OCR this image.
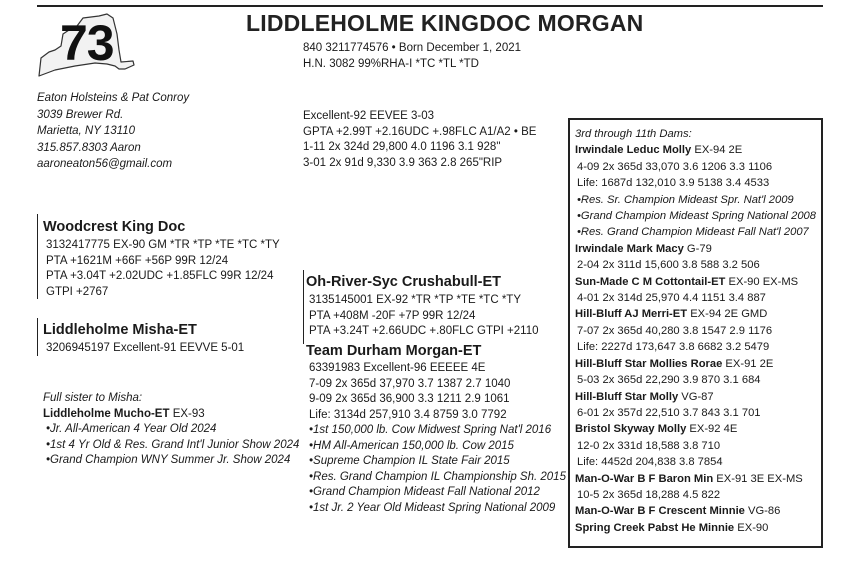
73	LIDDLEHOLME KINGDOC MORGAN
840 3211774576 • Born December 1, 2021
H.N. 3082 99%RHA-I *TC *TL *TD
Eaton Holsteins & Pat Conroy
3039 Brewer Rd.
Marietta, NY 13110
315.857.8303 Aaron
aaroneaton56@gmail.com
Excellent-92 EEVEE 3-03
GPTA +2.99T +2.16UDC +.98FLC A1/A2 • BE
1-11 2x 324d 29,800 4.0 1196 3.1 928"
3-01 2x 91d 9,330 3.9 363 2.8 265"RIP
Woodcrest King Doc
3132417775 EX-90 GM *TR *TP *TE *TC *TY
PTA +1621M +66F +56P 99R 12/24
PTA +3.04T +2.02UDC +1.85FLC 99R 12/24
GTPI +2767
Liddleholme Misha-ET
3206945197 Excellent-91 EEVVE 5-01
Full sister to Misha:
Liddleholme Mucho-ET EX-93
•Jr. All-American 4 Year Old 2024
•1st 4 Yr Old & Res. Grand Int'l Junior Show 2024
•Grand Champion WNY Summer Jr. Show 2024
Oh-River-Syc Crushabull-ET
3135145001 EX-92 *TR *TP *TE *TC *TY
PTA +408M -20F +7P 99R 12/24
PTA +3.24T +2.66UDC +.80FLC GTPI +2110
Team Durham Morgan-ET
63391983 Excellent-96 EEEEE 4E
7-09 2x 365d 37,970 3.7 1387 2.7 1040
9-09 2x 365d 36,900 3.3 1211 2.9 1061
Life: 3134d 257,910 3.4 8759 3.0 7792
•1st 150,000 lb. Cow Midwest Spring Nat'l 2016
•HM All-American 150,000 lb. Cow 2015
•Supreme Champion IL State Fair 2015
•Res. Grand Champion IL Championship Sh. 2015
•Grand Champion Mideast Fall National 2012
•1st Jr. 2 Year Old Mideast Spring National 2009
3rd through 11th Dams:
Irwindale Leduc Molly EX-94 2E
4-09 2x 365d 33,070 3.6 1206 3.3 1106
Life: 1687d 132,010 3.9 5138 3.4 4533
•Res. Sr. Champion Mideast Spr. Nat'l 2009
•Grand Champion Mideast Spring National 2008
•Res. Grand Champion Mideast Fall Nat'l 2007
Irwindale Mark Macy G-79
2-04 2x 311d 15,600 3.8 588 3.2 506
Sun-Made C M Cottontail-ET EX-90 EX-MS
4-01 2x 314d 25,970 4.4 1151 3.4 887
Hill-Bluff AJ Merri-ET EX-94 2E GMD
7-07 2x 365d 40,280 3.8 1547 2.9 1176
Life: 2227d 173,647 3.8 6682 3.2 5479
Hill-Bluff Star Mollies Rorae EX-91 2E
5-03 2x 365d 22,290 3.9 870 3.1 684
Hill-Bluff Star Molly VG-87
6-01 2x 357d 22,510 3.7 843 3.1 701
Bristol Skyway Molly EX-92 4E
12-0 2x 331d 18,588 3.8 710
Life: 4452d 204,838 3.8 7854
Man-O-War B F Baron Min EX-91 3E EX-MS
10-5 2x 365d 18,288 4.5 822
Man-O-War B F Crescent Minnie VG-86
Spring Creek Pabst He Minnie EX-90
